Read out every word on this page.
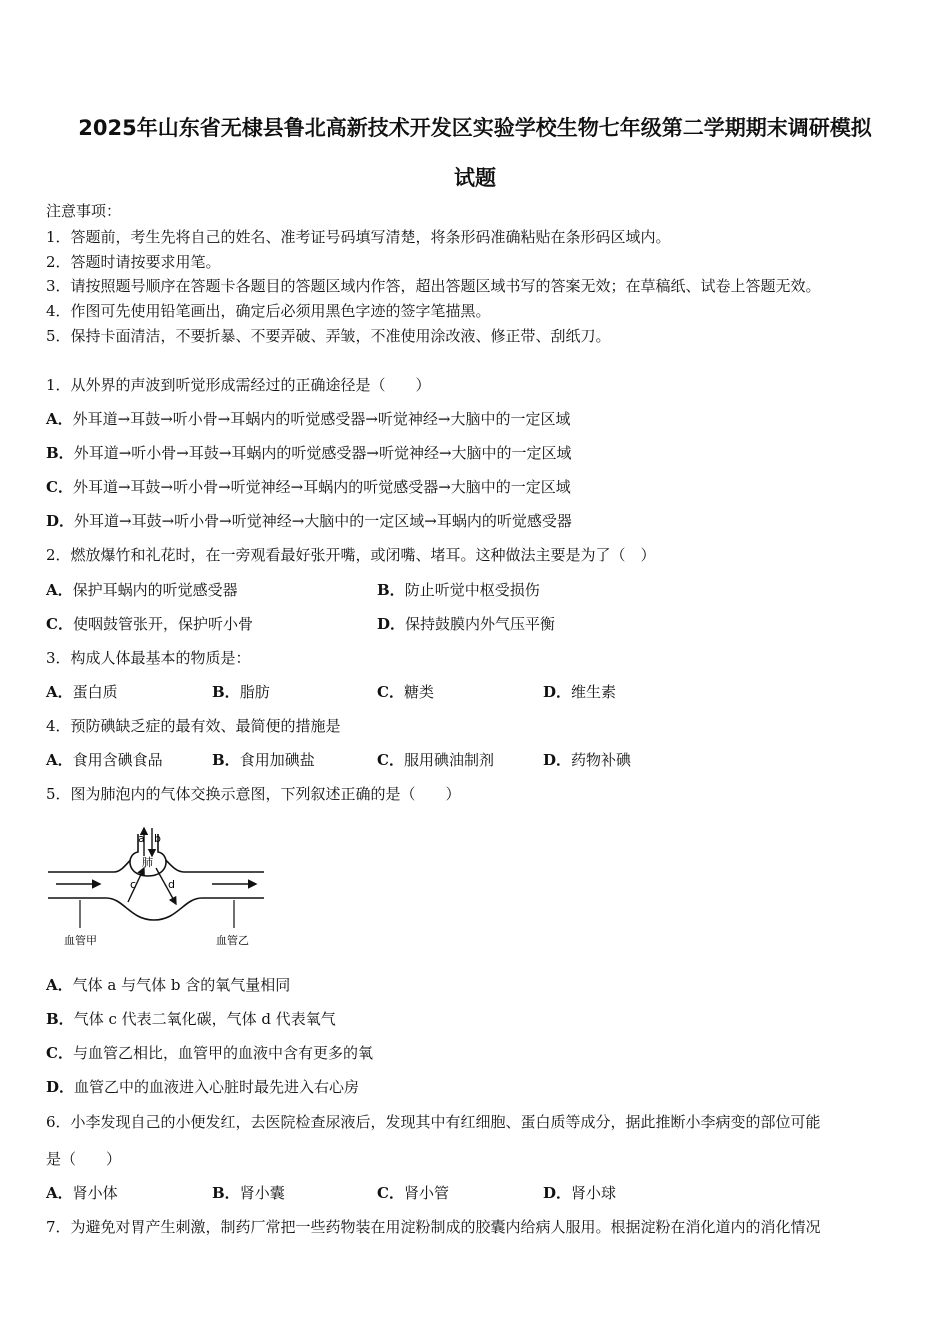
2025年山东省无棣县鲁北高新技术开发区实验学校生物七年级第二学期期末调研模拟
试题
注意事项：
1．答题前，考生先将自己的姓名、准考证号码填写清楚，将条形码准确粘贴在条形码区域内。
2．答题时请按要求用笔。
3．请按照题号顺序在答题卡各题目的答题区域内作答，超出答题区域书写的答案无效；在草稿纸、试卷上答题无效。
4．作图可先使用铅笔画出，确定后必须用黑色字迹的签字笔描黑。
5．保持卡面清洁，不要折暴、不要弄破、弄皱，不准使用涂改液、修正带、刮纸刀。
1．从外界的声波到听觉形成需经过的正确途径是（　　）
A．外耳道→耳鼓→听小骨→耳蜗内的听觉感受器→听觉神经→大脑中的一定区域
B．外耳道→听小骨→耳鼓→耳蜗内的听觉感受器→听觉神经→大脑中的一定区域
C．外耳道→耳鼓→听小骨→听觉神经→耳蜗内的听觉感受器→大脑中的一定区域
D．外耳道→耳鼓→听小骨→听觉神经→大脑中的一定区域→耳蜗内的听觉感受器
2．燃放爆竹和礼花时，在一旁观看最好张开嘴，或闭嘴、堵耳。这种做法主要是为了（　）
A．保护耳蜗内的听觉感受器	B．防止听觉中枢受损伤
C．使咽鼓管张开，保护听小骨	D．保持鼓膜内外气压平衡
3．构成人体最基本的物质是：
A．蛋白质	B．脂肪	C．糖类	D．维生素
4．预防碘缺乏症的最有效、最简便的措施是
A．食用含碘食品	B．食用加碘盐	C．服用碘油制剂	D．药物补碘
5．图为肺泡内的气体交换示意图，下列叙述正确的是（　　）
a b
肺
c	d
血管甲	血管乙
A．气体 a 与气体 b 含的氧气量相同
B．气体 c 代表二氧化碳，气体 d 代表氧气
C．与血管乙相比，血管甲的血液中含有更多的氧
D．血管乙中的血液进入心脏时最先进入右心房
6．小李发现自己的小便发红，去医院检查尿液后，发现其中有红细胞、蛋白质等成分，据此推断小李病变的部位可能
是（　　）
A．肾小体	B．肾小囊	C．肾小管	D．肾小球
7．为避免对胃产生刺激，制药厂常把一些药物装在用淀粉制成的胶囊内给病人服用。根据淀粉在消化道内的消化情况
